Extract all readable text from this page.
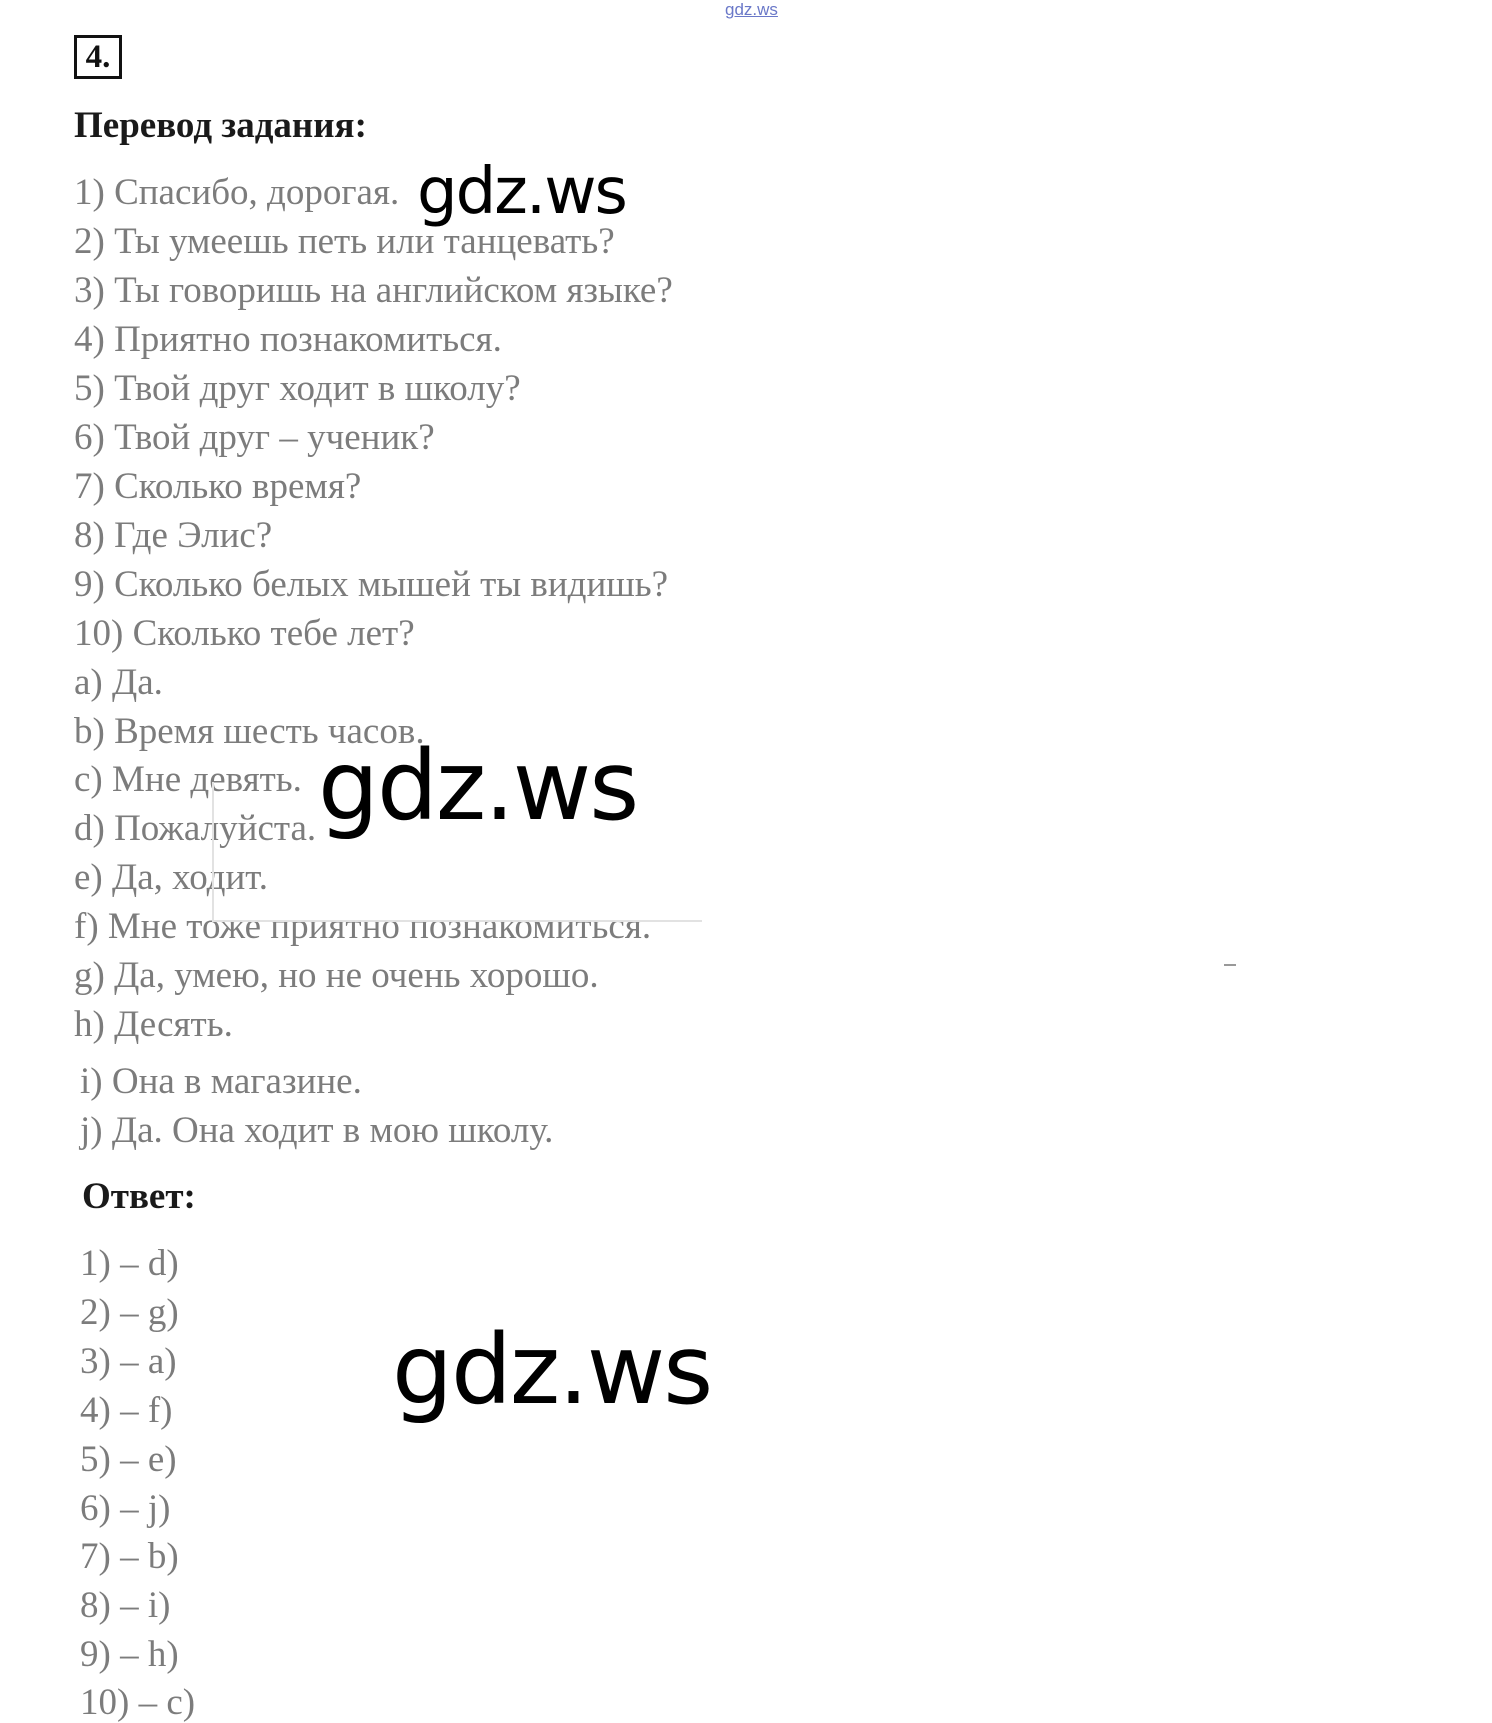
gdz.ws
4.
Перевод задания:
1) Спасибо, дорогая.
2) Ты умеешь петь или танцевать?
3) Ты говоришь на английском языке?
4) Приятно познакомиться.
5) Твой друг ходит в школу?
6) Твой друг – ученик?
7) Сколько время?
8) Где Элис?
9) Сколько белых мышей ты видишь?
10) Сколько тебе лет?
a) Да.
b) Время шесть часов.
c) Мне девять.
d) Пожалуйста.
e) Да, ходит.
f) Мне тоже приятно познакомиться.
g) Да, умею, но не очень хорошо.
h) Десять.
i) Она в магазине.
j) Да. Она ходит в мою школу.
Ответ:
1) – d)
2) – g)
3) – a)
4) – f)
5) – e)
6) – j)
7) – b)
8) – i)
9) – h)
10) – c)
gdz.ws
gdz.ws
gdz.ws
